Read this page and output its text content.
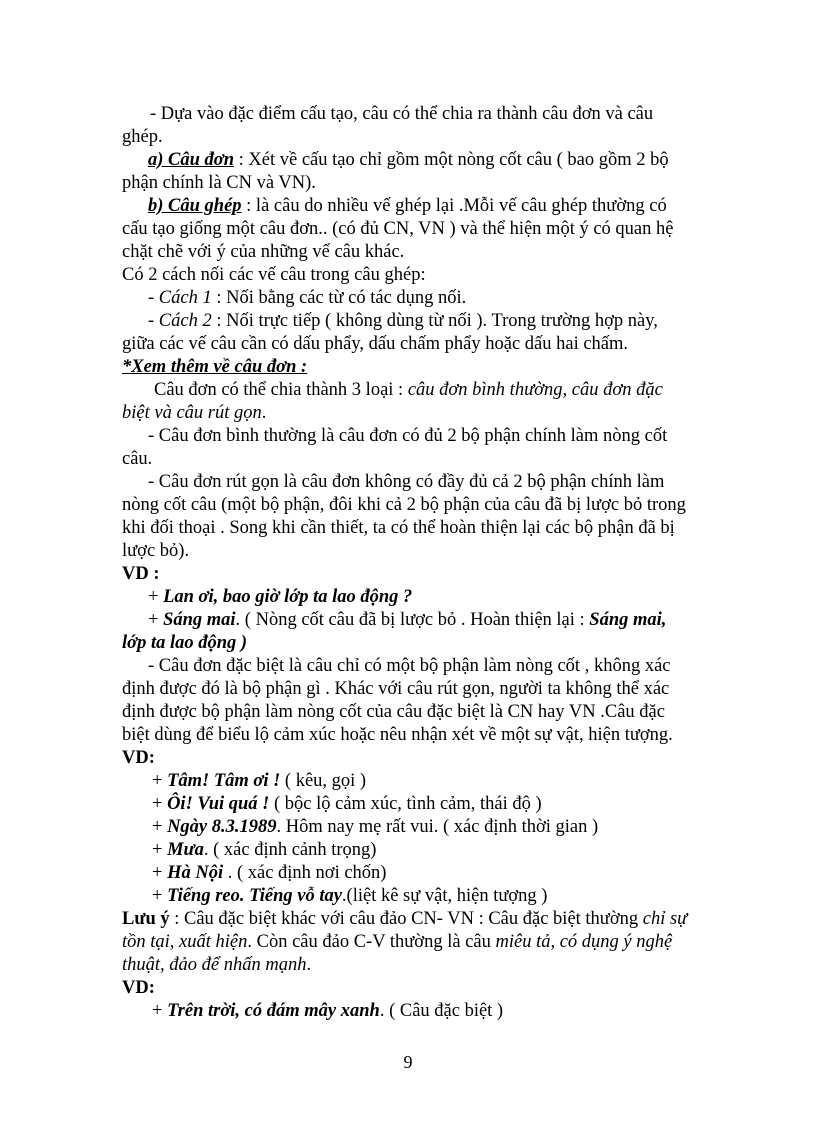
- Dựa vào đặc điểm cấu tạo, câu có thể chia ra thành câu đơn và câu
ghép.
a) Câu đơn : Xét về cấu tạo chỉ gồm một nòng cốt câu ( bao gồm 2 bộ
phận chính là CN và VN).
b) Câu ghép : là câu do nhiều vế ghép lại .Mỗi vế câu ghép thường có
cấu tạo giống một câu đơn.. (có đủ CN, VN ) và thể hiện một ý có quan hệ
chặt chẽ với ý của những vế câu khác.
Có 2 cách nối các vế câu trong câu ghép:
- Cách 1 : Nối bằng các từ có tác dụng nối.
- Cách 2 : Nối trực tiếp ( không dùng từ nối ). Trong trường hợp này,
giữa các vế câu cần có dấu phẩy, dấu chấm phẩy hoặc dấu hai chấm.
*Xem thêm về câu đơn :
Câu đơn có thể chia thành 3 loại : câu đơn bình thường, câu đơn đặc
biệt và câu rút gọn.
- Câu đơn bình thường là câu đơn có đủ 2 bộ phận chính làm nòng cốt
câu.
- Câu đơn rút gọn là câu đơn không có đầy đủ cả 2 bộ phận chính làm
nòng cốt câu (một bộ phận, đôi khi cả 2 bộ phận của câu đã bị lược bỏ trong
khi đối thoại . Song khi cần thiết, ta có thể hoàn thiện lại các bộ phận đã bị
lược bỏ).
VD :
+ Lan ơi, bao giờ lớp ta lao động ?
+ Sáng mai. ( Nòng cốt câu đã bị lược bỏ . Hoàn thiện lại : Sáng mai,
lớp ta lao động )
- Câu đơn đặc biệt là câu chỉ có một bộ phận làm nòng cốt , không xác
định được đó là bộ phận gì . Khác với câu rút gọn, người ta không thể xác
định được bộ phận làm nòng cốt của câu đặc biệt là CN hay VN .Câu đặc
biệt dùng để biểu lộ cảm xúc hoặc nêu nhận xét về một sự vật, hiện tượng.
VD:
+ Tâm! Tâm ơi ! ( kêu, gọi )
+ Ôi! Vui quá ! ( bộc lộ cảm xúc, tình cảm, thái độ )
+ Ngày 8.3.1989. Hôm nay mẹ rất vui. ( xác định thời gian )
+ Mưa. ( xác định cảnh trọng)
+ Hà Nội . ( xác định nơi chốn)
+ Tiếng reo. Tiếng vỗ tay.(liệt kê sự vật, hiện tượng )
Lưu ý : Câu đặc biệt khác với câu đảo CN- VN : Câu đặc biệt thường chỉ sự
tồn tại, xuất hiện. Còn câu đảo C-V thường là câu miêu tả, có dụng ý nghệ
thuật, đảo để nhấn mạnh.
VD:
+ Trên trời, có đám mây xanh. ( Câu đặc biệt )
9
